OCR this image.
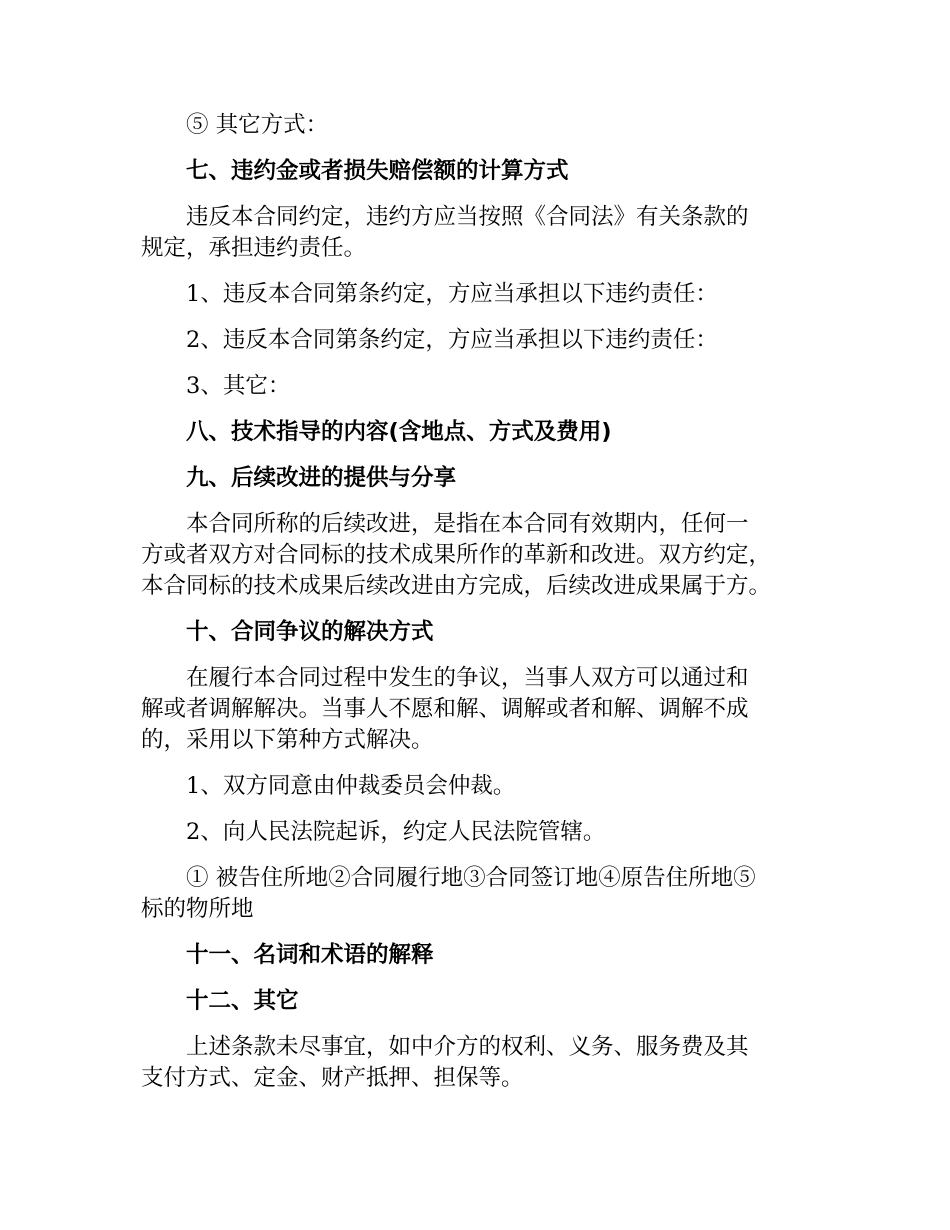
⑤ 其它方式：
七、违约金或者损失赔偿额的计算方式
违反本合同约定，违约方应当按照《合同法》有关条款的
规定，承担违约责任。
1、违反本合同第条约定，方应当承担以下违约责任：
2、违反本合同第条约定，方应当承担以下违约责任：
3、其它：
八、技术指导的内容(含地点、方式及费用)
九、后续改进的提供与分享
本合同所称的后续改进，是指在本合同有效期内，任何一
方或者双方对合同标的技术成果所作的革新和改进。双方约定，
本合同标的技术成果后续改进由方完成，后续改进成果属于方。
十、合同争议的解决方式
在履行本合同过程中发生的争议，当事人双方可以通过和
解或者调解解决。当事人不愿和解、调解或者和解、调解不成
的，采用以下第种方式解决。
1、双方同意由仲裁委员会仲裁。
2、向人民法院起诉，约定人民法院管辖。
① 被告住所地②合同履行地③合同签订地④原告住所地⑤
标的物所地
十一、名词和术语的解释
十二、其它
上述条款未尽事宜，如中介方的权利、义务、服务费及其
支付方式、定金、财产抵押、担保等。
